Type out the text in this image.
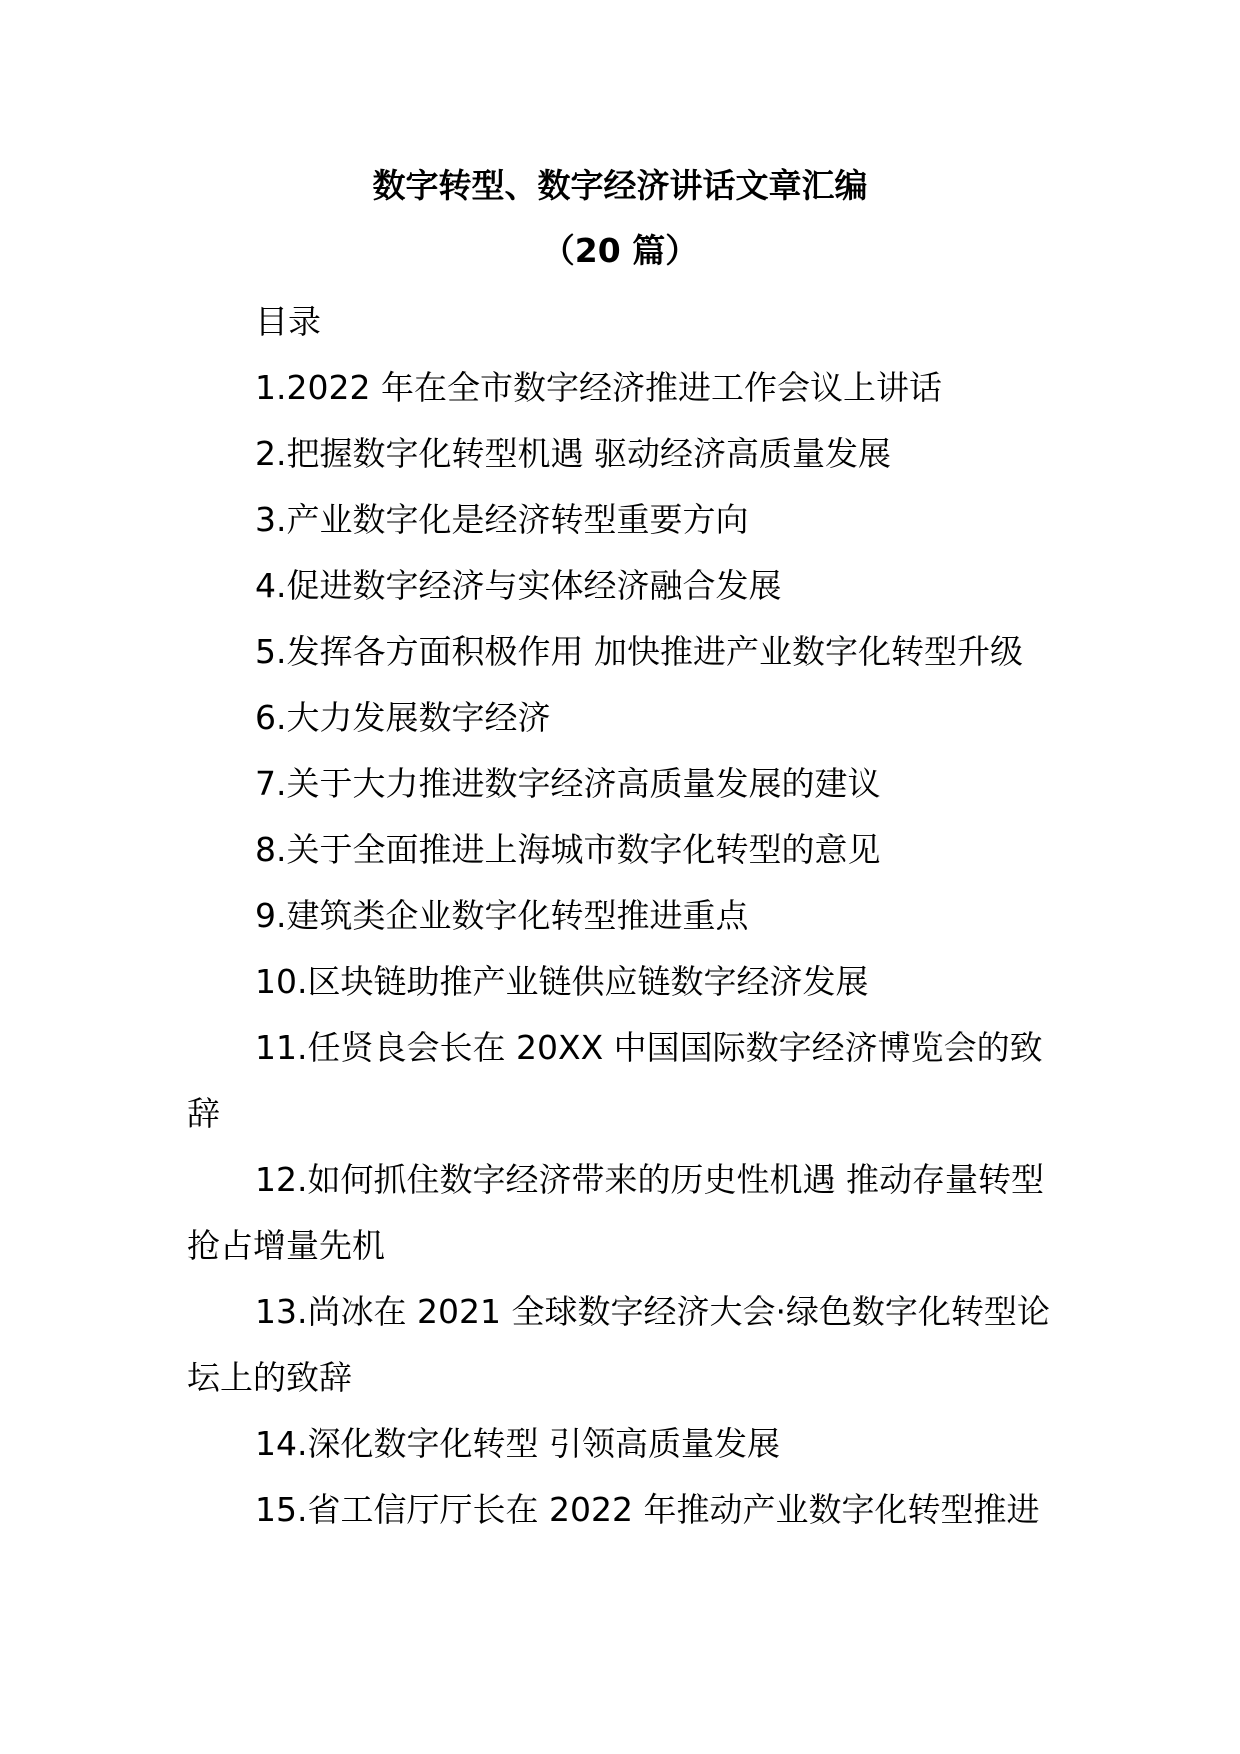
数字转型、数字经济讲话文章汇编
（20 篇）

目录

1.2022 年在全市数字经济推进工作会议上讲话

2.把握数字化转型机遇 驱动经济高质量发展

3.产业数字化是经济转型重要方向

4.促进数字经济与实体经济融合发展

5.发挥各方面积极作用 加快推进产业数字化转型升级

6.大力发展数字经济

7.关于大力推进数字经济高质量发展的建议

8.关于全面推进上海城市数字化转型的意见

9.建筑类企业数字化转型推进重点

10.区块链助推产业链供应链数字经济发展

11.任贤良会长在 20XX 中国国际数字经济博览会的致辞

12.如何抓住数字经济带来的历史性机遇 推动存量转型抢占增量先机

13.尚冰在 2021 全球数字经济大会·绿色数字化转型论坛上的致辞

14.深化数字化转型 引领高质量发展

15.省工信厅厅长在 2022 年推动产业数字化转型推进
